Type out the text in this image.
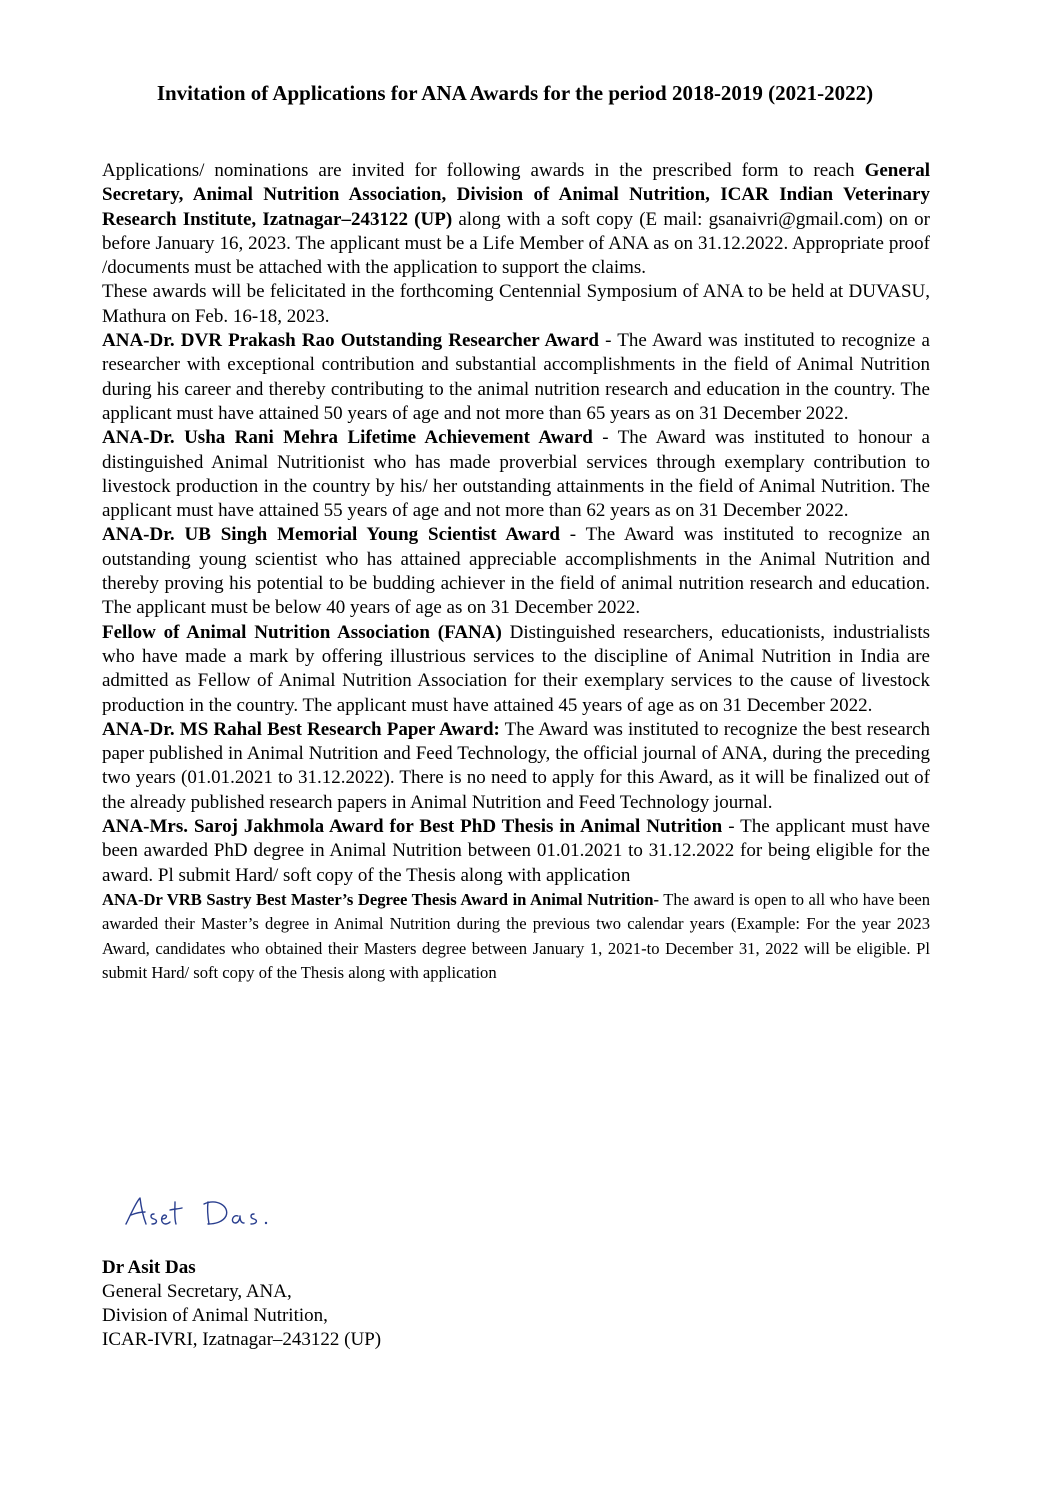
Invitation of Applications for ANA Awards for the period 2018-2019 (2021-2022)

Applications/ nominations are invited for following awards in the prescribed form to reach General Secretary, Animal Nutrition Association, Division of Animal Nutrition, ICAR Indian Veterinary Research Institute, Izatnagar–243122 (UP) along with a soft copy (E mail: gsanaivri@gmail.com) on or before January 16, 2023. The applicant must be a Life Member of ANA as on 31.12.2022. Appropriate proof /documents must be attached with the application to support the claims.

These awards will be felicitated in the forthcoming Centennial Symposium of ANA to be held at DUVASU, Mathura on Feb. 16-18, 2023.

ANA-Dr. DVR Prakash Rao Outstanding Researcher Award - The Award was instituted to recognize a researcher with exceptional contribution and substantial accomplishments in the field of Animal Nutrition during his career and thereby contributing to the animal nutrition research and education in the country. The applicant must have attained 50 years of age and not more than 65 years as on 31 December 2022.

ANA-Dr. Usha Rani Mehra Lifetime Achievement Award - The Award was instituted to honour a distinguished Animal Nutritionist who has made proverbial services through exemplary contribution to livestock production in the country by his/ her outstanding attainments in the field of Animal Nutrition. The applicant must have attained 55 years of age and not more than 62 years as on 31 December 2022.

ANA-Dr. UB Singh Memorial Young Scientist Award - The Award was instituted to recognize an outstanding young scientist who has attained appreciable accomplishments in the Animal Nutrition and thereby proving his potential to be budding achiever in the field of animal nutrition research and education. The applicant must be below 40 years of age as on 31 December 2022.

Fellow of Animal Nutrition Association (FANA) Distinguished researchers, educationists, industrialists who have made a mark by offering illustrious services to the discipline of Animal Nutrition in India are admitted as Fellow of Animal Nutrition Association for their exemplary services to the cause of livestock production in the country. The applicant must have attained 45 years of age as on 31 December 2022.

ANA-Dr. MS Rahal Best Research Paper Award: The Award was instituted to recognize the best research paper published in Animal Nutrition and Feed Technology, the official journal of ANA, during the preceding two years (01.01.2021 to 31.12.2022). There is no need to apply for this Award, as it will be finalized out of the already published research papers in Animal Nutrition and Feed Technology journal.

ANA-Mrs. Saroj Jakhmola Award for Best PhD Thesis in Animal Nutrition - The applicant must have been awarded PhD degree in Animal Nutrition between 01.01.2021 to 31.12.2022 for being eligible for the award. Pl submit Hard/ soft copy of the Thesis along with application

ANA-Dr VRB Sastry Best Master’s Degree Thesis Award in Animal Nutrition- The award is open to all who have been awarded their Master’s degree in Animal Nutrition during the previous two calendar years (Example: For the year 2023 Award, candidates who obtained their Masters degree between January 1, 2021-to December 31, 2022 will be eligible. Pl submit Hard/ soft copy of the Thesis along with application

Dr Asit Das
General Secretary, ANA,
Division of Animal Nutrition,
ICAR-IVRI, Izatnagar–243122 (UP)
